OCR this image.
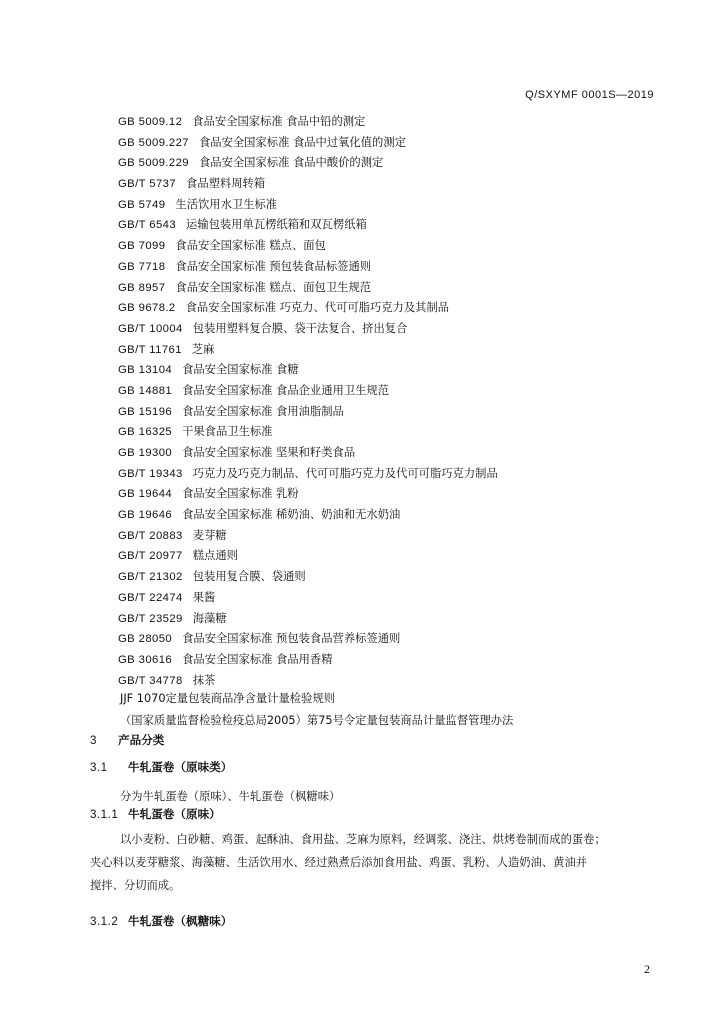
Q/SXYMF 0001S—2019
GB 5009.12 食品安全国家标准 食品中铅的测定
GB 5009.227 食品安全国家标准 食品中过氧化值的测定
GB 5009.229 食品安全国家标准 食品中酸价的测定
GB/T 5737 食品塑料周转箱
GB 5749 生活饮用水卫生标准
GB/T 6543 运输包装用单瓦楞纸箱和双瓦楞纸箱
GB 7099 食品安全国家标准 糕点、面包
GB 7718 食品安全国家标准 预包装食品标签通则
GB 8957 食品安全国家标准 糕点、面包卫生规范
GB 9678.2 食品安全国家标准 巧克力、代可可脂巧克力及其制品
GB/T 10004 包装用塑料复合膜、袋干法复合、挤出复合
GB/T 11761 芝麻
GB 13104 食品安全国家标准 食糖
GB 14881 食品安全国家标准 食品企业通用卫生规范
GB 15196 食品安全国家标准 食用油脂制品
GB 16325 干果食品卫生标准
GB 19300 食品安全国家标准 坚果和籽类食品
GB/T 19343 巧克力及巧克力制品、代可可脂巧克力及代可可脂巧克力制品
GB 19644 食品安全国家标准 乳粉
GB 19646 食品安全国家标准 稀奶油、奶油和无水奶油
GB/T 20883 麦芽糖
GB/T 20977 糕点通则
GB/T 21302 包装用复合膜、袋通则
GB/T 22474 果酱
GB/T 23529 海藻糖
GB 28050 食品安全国家标准 预包装食品营养标签通则
GB 30616 食品安全国家标准 食品用香精
GB/T 34778 抹茶
JJF 1070定量包装商品净含量计量检验规则
（国家质量监督检验检疫总局2005）第75号令定量包装商品计量监督管理办法
3 产品分类
3.1 牛轧蛋卷（原味类）
分为牛轧蛋卷（原味）、牛轧蛋卷（枫糖味）
3.1.1 牛轧蛋卷（原味）
以小麦粉、白砂糖、鸡蛋、起酥油、食用盐、芝麻为原料，经调浆、浇注、烘烤卷制而成的蛋卷；
夹心料以麦芽糖浆、海藻糖、生活饮用水、经过熟煮后添加食用盐、鸡蛋、乳粉、人造奶油、黄油并
搅拌、分切而成。
3.1.2 牛轧蛋卷（枫糖味）
2
